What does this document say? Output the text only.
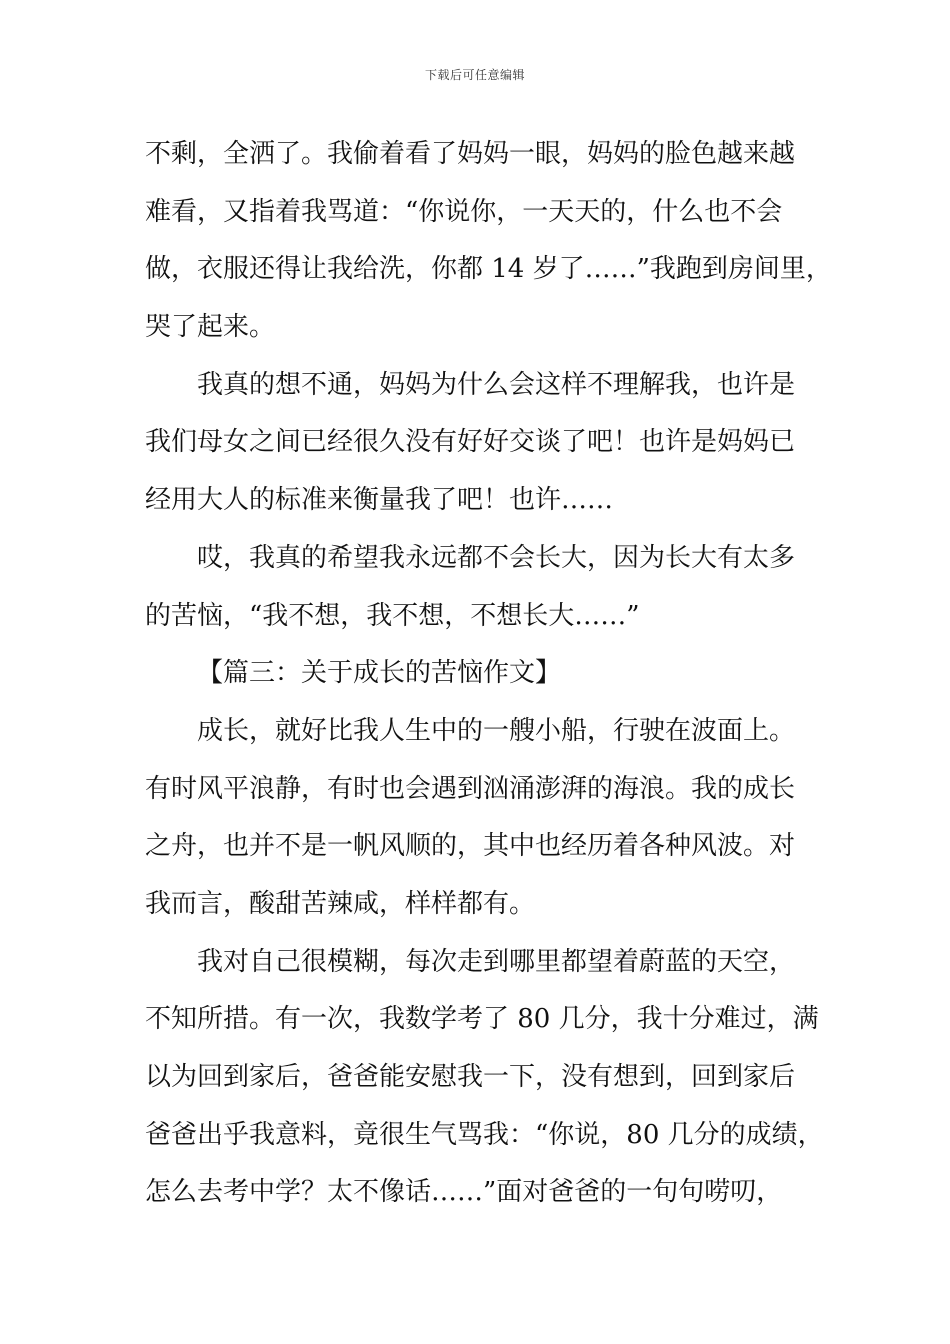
下载后可任意编辑
不剩，全洒了。我偷着看了妈妈一眼，妈妈的脸色越来越
难看，又指着我骂道：“你说你，一天天的，什么也不会
做，衣服还得让我给洗，你都 14 岁了……”我跑到房间里，
哭了起来。
我真的想不通，妈妈为什么会这样不理解我，也许是
我们母女之间已经很久没有好好交谈了吧！也许是妈妈已
经用大人的标准来衡量我了吧！也许……
哎，我真的希望我永远都不会长大，因为长大有太多
的苦恼，“我不想，我不想，不想长大……”
【篇三：关于成长的苦恼作文】
成长，就好比我人生中的一艘小船，行驶在波面上。
有时风平浪静，有时也会遇到汹涌澎湃的海浪。我的成长
之舟，也并不是一帆风顺的，其中也经历着各种风波。对
我而言，酸甜苦辣咸，样样都有。
我对自己很模糊，每次走到哪里都望着蔚蓝的天空，
不知所措。有一次，我数学考了 80 几分，我十分难过，满
以为回到家后，爸爸能安慰我一下，没有想到，回到家后
爸爸出乎我意料，竟很生气骂我：“你说，80 几分的成绩，
怎么去考中学？太不像话……”面对爸爸的一句句唠叨，
